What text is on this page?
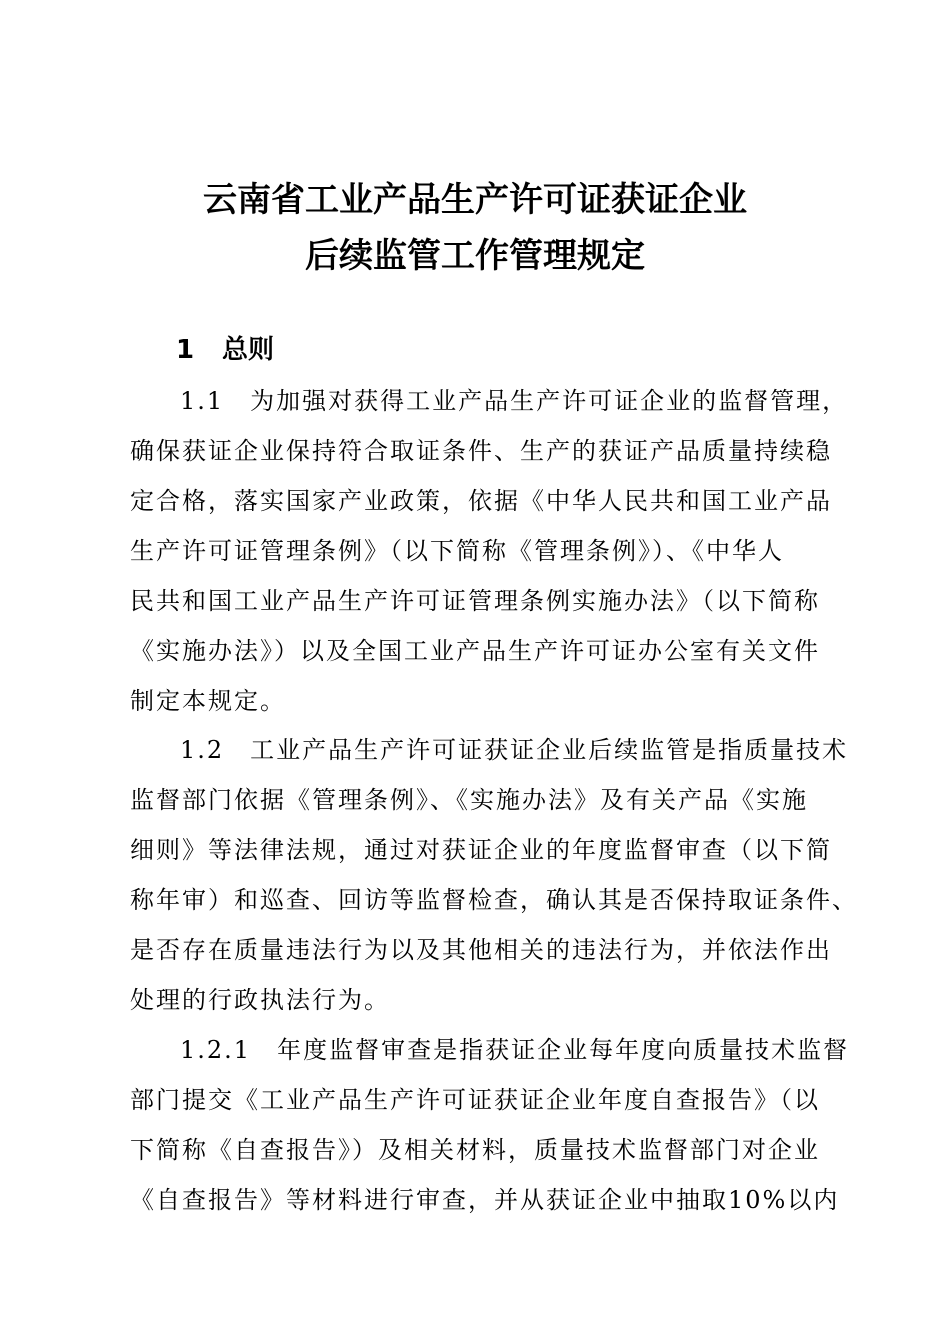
云南省工业产品生产许可证获证企业
后续监管工作管理规定
1 总则
1.1 为加强对获得工业产品生产许可证企业的监督管理，
确保获证企业保持符合取证条件、生产的获证产品质量持续稳
定合格，落实国家产业政策，依据《中华人民共和国工业产品
生产许可证管理条例》（以下简称《管理条例》）、《中华人
民共和国工业产品生产许可证管理条例实施办法》（以下简称
《实施办法》）以及全国工业产品生产许可证办公室有关文件
制定本规定。
1.2 工业产品生产许可证获证企业后续监管是指质量技术
监督部门依据《管理条例》、《实施办法》及有关产品《实施
细则》等法律法规，通过对获证企业的年度监督审查（以下简
称年审）和巡查、回访等监督检查，确认其是否保持取证条件、
是否存在质量违法行为以及其他相关的违法行为，并依法作出
处理的行政执法行为。
1.2.1 年度监督审查是指获证企业每年度向质量技术监督
部门提交《工业产品生产许可证获证企业年度自查报告》（以
下简称《自查报告》）及相关材料，质量技术监督部门对企业
《自查报告》等材料进行审查，并从获证企业中抽取10%以内
